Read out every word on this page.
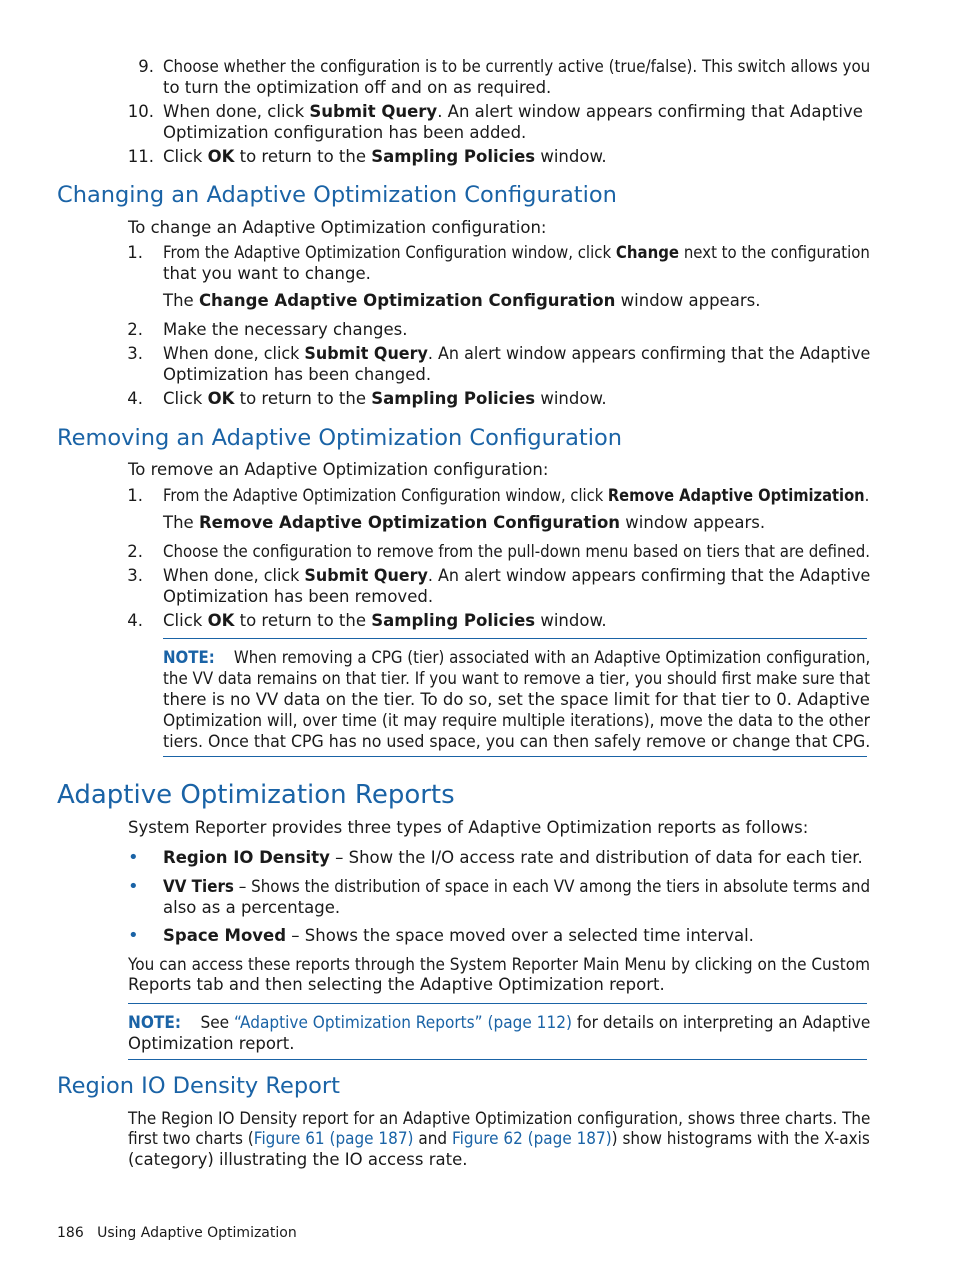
9. Choose whether the configuration is to be currently active (true/false). This switch allows you
to turn the optimization off and on as required.
10. When done, click Submit Query. An alert window appears confirming that Adaptive
Optimization configuration has been added.
11. Click OK to return to the Sampling Policies window.
Changing an Adaptive Optimization Configuration
To change an Adaptive Optimization configuration:
1. From the Adaptive Optimization Configuration window, click Change next to the configuration
that you want to change.
The Change Adaptive Optimization Configuration window appears.
2. Make the necessary changes.
3. When done, click Submit Query. An alert window appears confirming that the Adaptive
Optimization has been changed.
4. Click OK to return to the Sampling Policies window.
Removing an Adaptive Optimization Configuration
To remove an Adaptive Optimization configuration:
1. From the Adaptive Optimization Configuration window, click Remove Adaptive Optimization.
The Remove Adaptive Optimization Configuration window appears.
2. Choose the configuration to remove from the pull-down menu based on tiers that are defined.
3. When done, click Submit Query. An alert window appears confirming that the Adaptive
Optimization has been removed.
4. Click OK to return to the Sampling Policies window.
NOTE: When removing a CPG (tier) associated with an Adaptive Optimization configuration,
the VV data remains on that tier. If you want to remove a tier, you should first make sure that
there is no VV data on the tier. To do so, set the space limit for that tier to 0. Adaptive
Optimization will, over time (it may require multiple iterations), move the data to the other
tiers. Once that CPG has no used space, you can then safely remove or change that CPG.
Adaptive Optimization Reports
System Reporter provides three types of Adaptive Optimization reports as follows:
• Region IO Density – Show the I/O access rate and distribution of data for each tier.
• VV Tiers – Shows the distribution of space in each VV among the tiers in absolute terms and
also as a percentage.
• Space Moved – Shows the space moved over a selected time interval.
You can access these reports through the System Reporter Main Menu by clicking on the Custom
Reports tab and then selecting the Adaptive Optimization report.
NOTE: See “Adaptive Optimization Reports” (page 112) for details on interpreting an Adaptive
Optimization report.
Region IO Density Report
The Region IO Density report for an Adaptive Optimization configuration, shows three charts. The
first two charts (Figure 61 (page 187) and Figure 62 (page 187)) show histograms with the X-axis
(category) illustrating the IO access rate.
186 Using Adaptive Optimization
